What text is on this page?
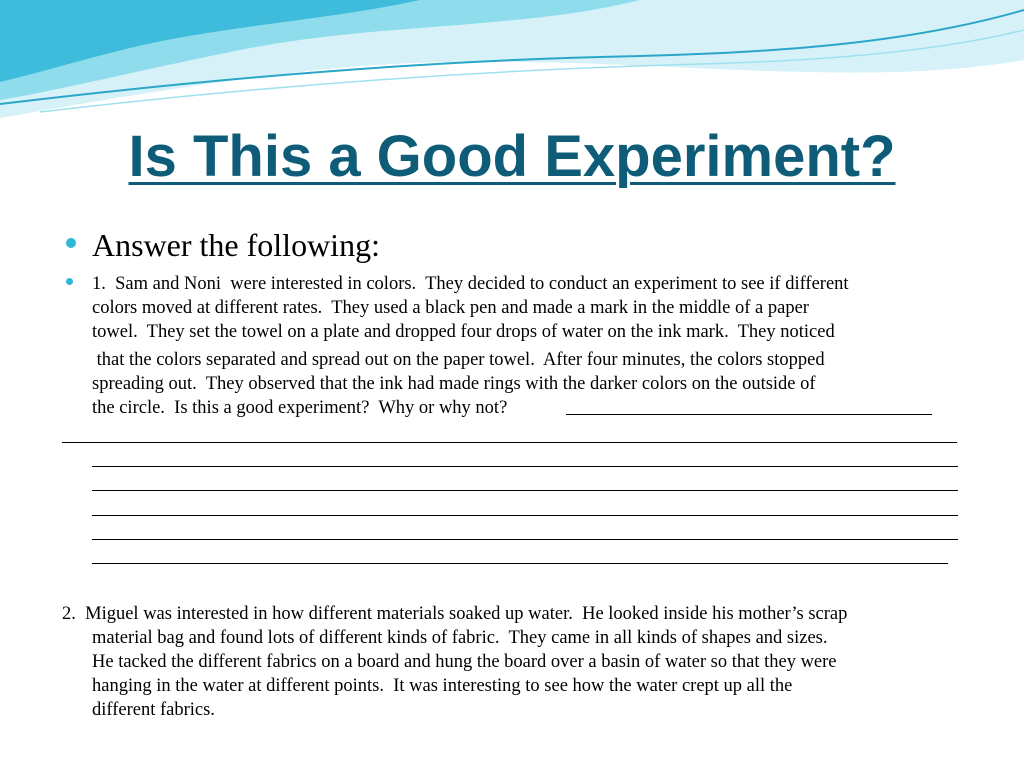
Is This a Good Experiment?

Answer the following:

1.  Sam and Noni  were interested in colors.  They decided to conduct an experiment to see if different
colors moved at different rates.  They used a black pen and made a mark in the middle of a paper
towel.  They set the towel on a plate and dropped four drops of water on the ink mark.  They noticed

that the colors separated and spread out on the paper towel.  After four minutes, the colors stopped
spreading out.  They observed that the ink had made rings with the darker colors on the outside of
the circle.  Is this a good experiment?  Why or why not?

2.  Miguel was interested in how different materials soaked up water.  He looked inside his mother’s scrap

material bag and found lots of different kinds of fabric.  They came in all kinds of shapes and sizes.
He tacked the different fabrics on a board and hung the board over a basin of water so that they were
hanging in the water at different points.  It was interesting to see how the water crept up all the
different fabrics.
